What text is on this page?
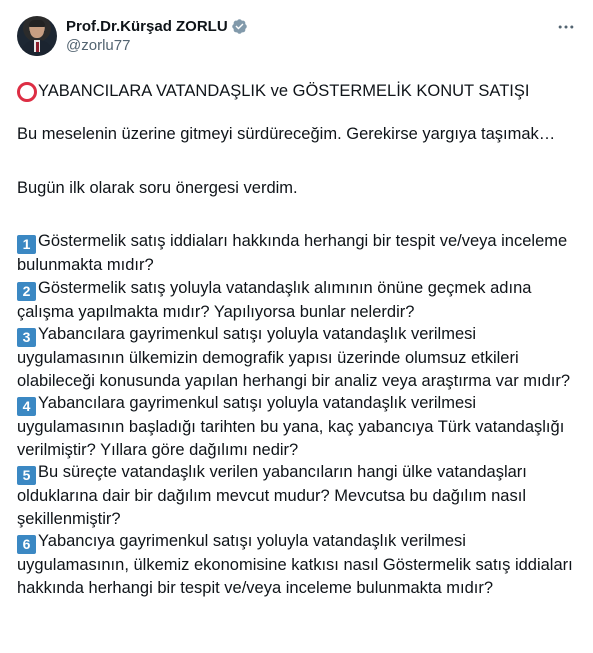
Prof.Dr.Kürşad ZORLU
@zorlu77
YABANCILARA VATANDAŞLIK ve GÖSTERMELİK KONUT SATIŞI

Bu meselenin üzerine gitmeyi sürdüreceğim. Gerekirse yargıya taşımak…

Bugün ilk olarak soru önergesi verdim.

1 Göstermelik satış iddiaları hakkında herhangi bir tespit ve/veya inceleme bulunmakta mıdır?

2 Göstermelik satış yoluyla vatandaşlık alımının önüne geçmek adına çalışma yapılmakta mıdır? Yapılıyorsa bunlar nelerdir?

3 Yabancılara gayrimenkul satışı yoluyla vatandaşlık verilmesi uygulamasının ülkemizin demografik yapısı üzerinde olumsuz etkileri olabileceği konusunda yapılan herhangi bir analiz veya araştırma var mıdır?

4 Yabancılara gayrimenkul satışı yoluyla vatandaşlık verilmesi uygulamasının başladığı tarihten bu yana, kaç yabancıya Türk vatandaşlığı verilmiştir? Yıllara göre dağılımı nedir?

5 Bu süreçte vatandaşlık verilen yabancıların hangi ülke vatandaşları olduklarına dair bir dağılım mevcut mudur? Mevcutsa bu dağılım nasıl şekillenmiştir?

6 Yabancıya gayrimenkul satışı yoluyla vatandaşlık verilmesi uygulamasının, ülkemiz ekonomisine katkısı nasıl Göstermelik satış iddiaları hakkında herhangi bir tespit ve/veya inceleme bulunmakta mıdır?
